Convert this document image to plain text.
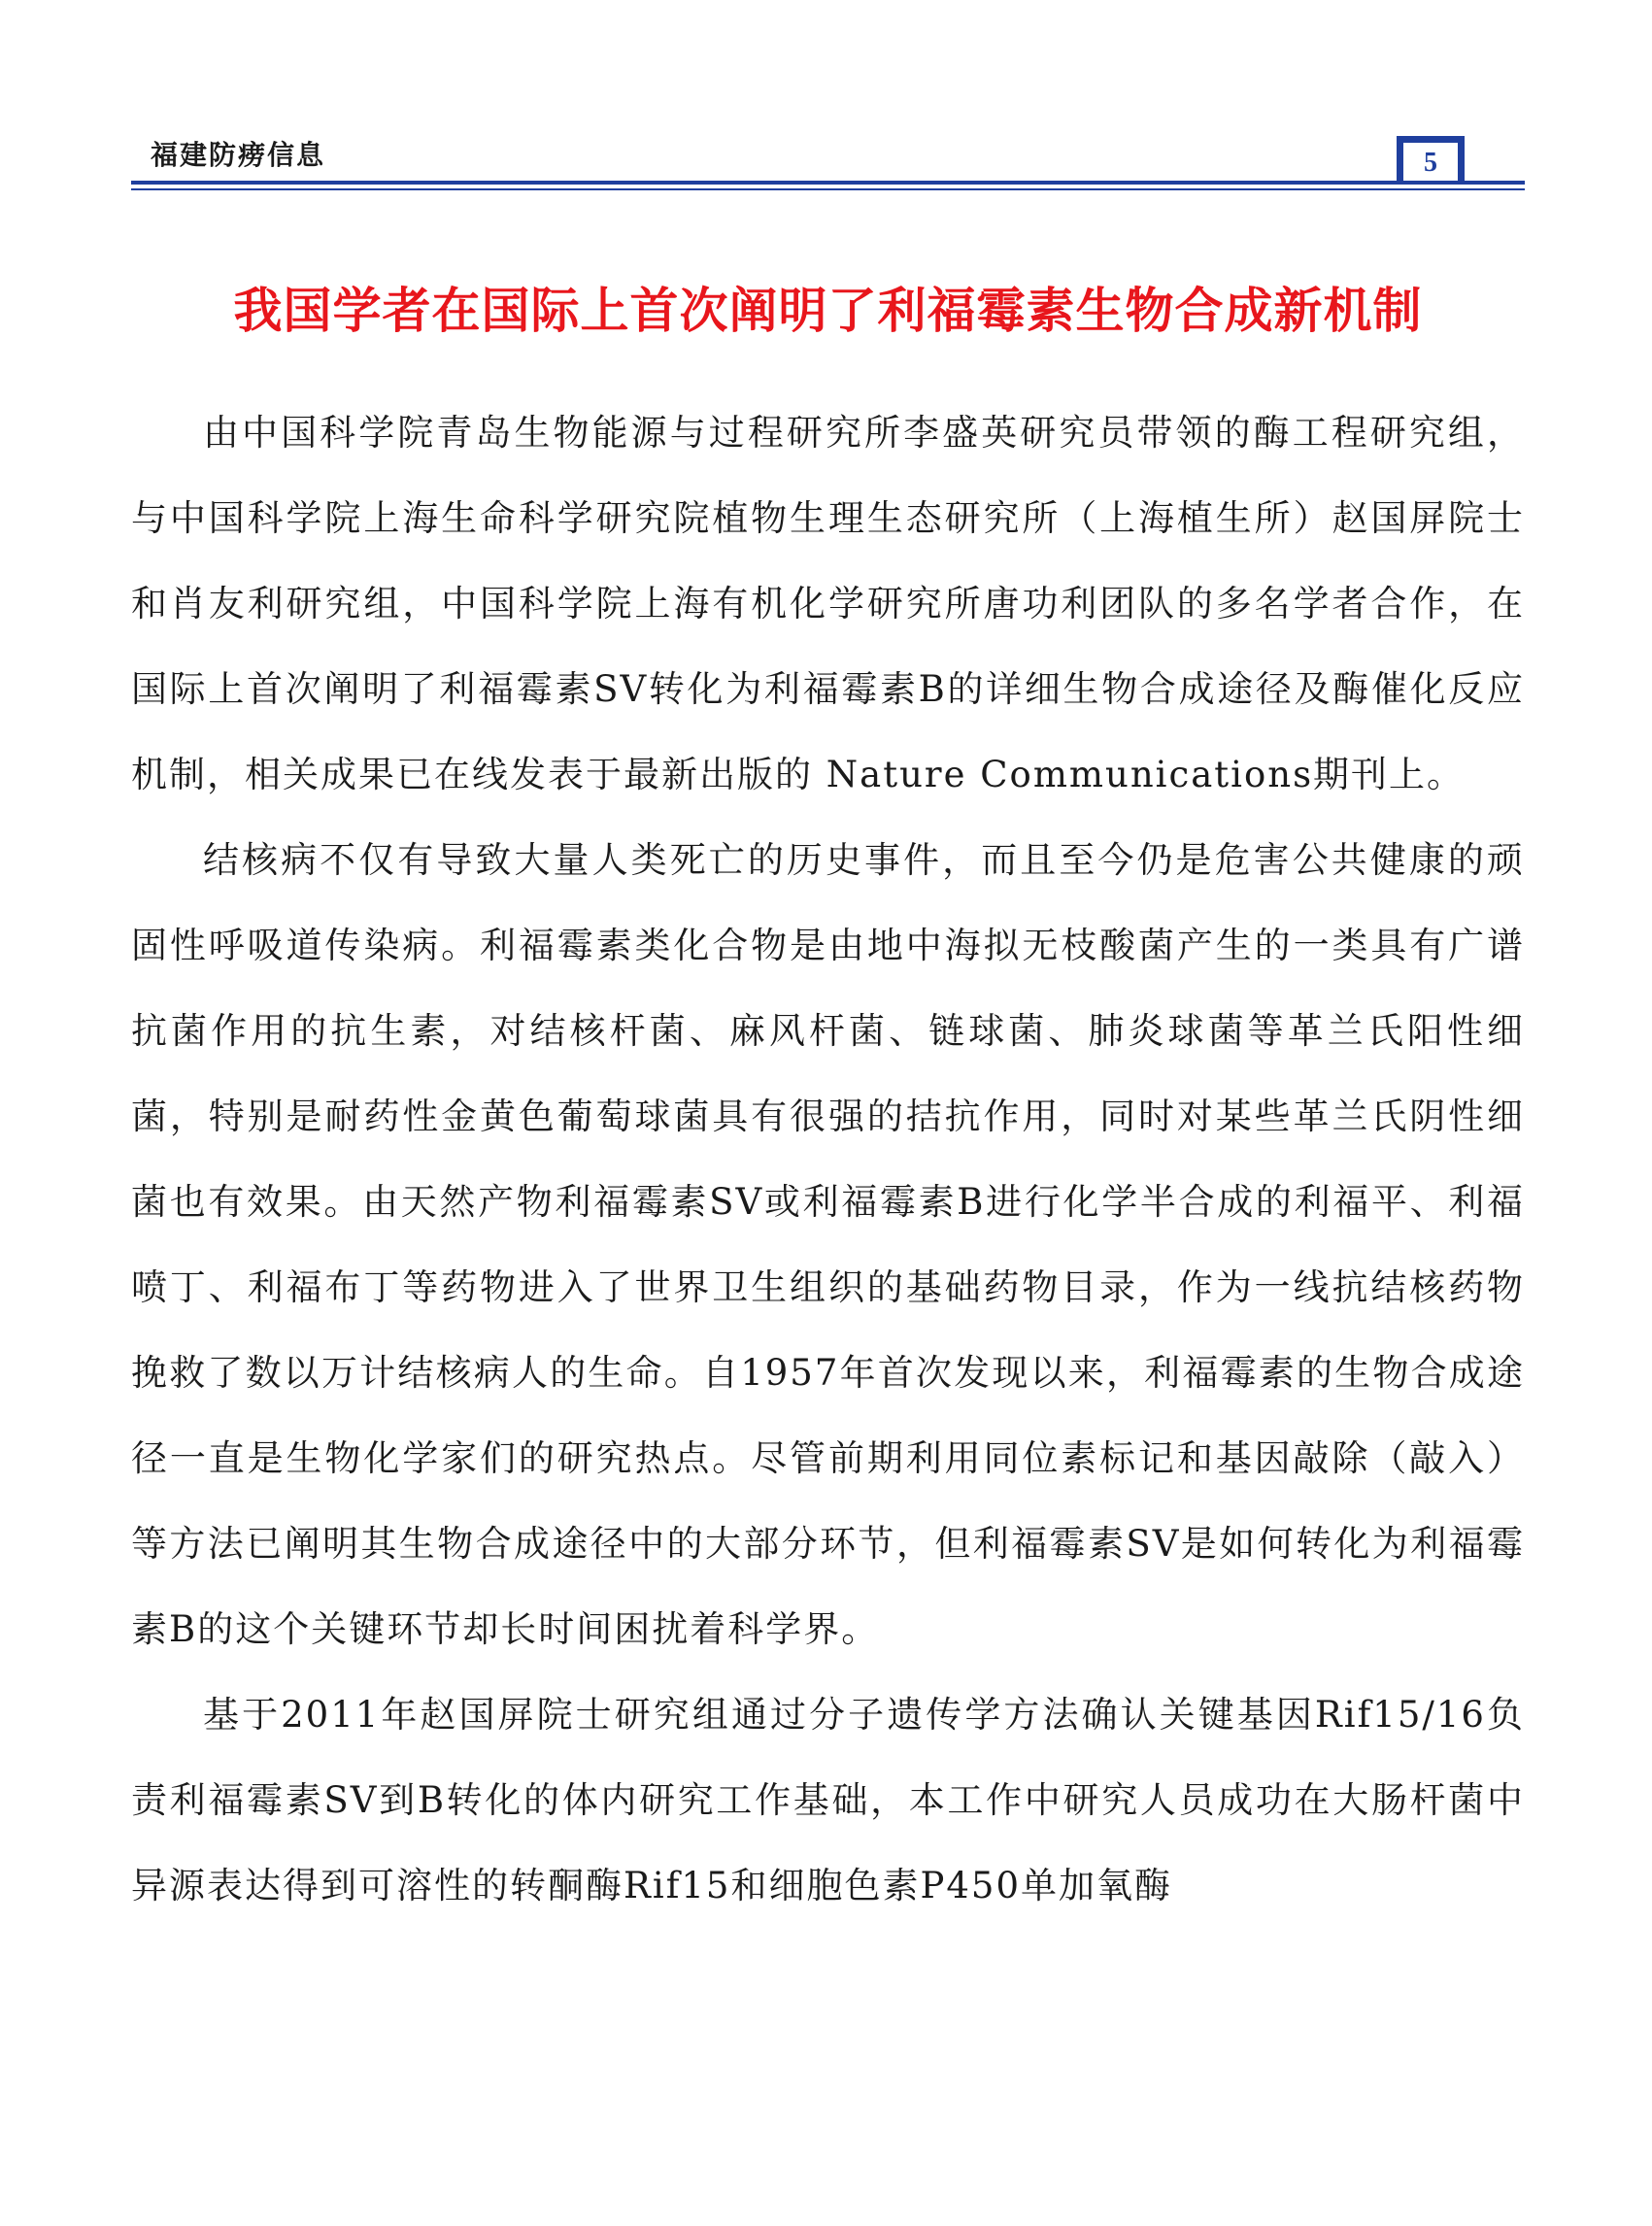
福建防痨信息	5
我国学者在国际上首次阐明了利福霉素生物合成新机制

由中国科学院青岛生物能源与过程研究所李盛英研究员带领的酶工程研究组，与中国科学院上海生命科学研究院植物生理生态研究所（上海植生所）赵国屏院士和肖友利研究组，中国科学院上海有机化学研究所唐功利团队的多名学者合作，在国际上首次阐明了利福霉素SV转化为利福霉素B的详细生物合成途径及酶催化反应机制，相关成果已在线发表于最新出版的 Nature Communications期刊上。

结核病不仅有导致大量人类死亡的历史事件，而且至今仍是危害公共健康的顽固性呼吸道传染病。利福霉素类化合物是由地中海拟无枝酸菌产生的一类具有广谱抗菌作用的抗生素，对结核杆菌、麻风杆菌、链球菌、肺炎球菌等革兰氏阳性细菌，特别是耐药性金黄色葡萄球菌具有很强的拮抗作用，同时对某些革兰氏阴性细菌也有效果。由天然产物利福霉素SV或利福霉素B进行化学半合成的利福平、利福喷丁、利福布丁等药物进入了世界卫生组织的基础药物目录，作为一线抗结核药物挽救了数以万计结核病人的生命。自1957年首次发现以来，利福霉素的生物合成途径一直是生物化学家们的研究热点。尽管前期利用同位素标记和基因敲除（敲入）等方法已阐明其生物合成途径中的大部分环节，但利福霉素SV是如何转化为利福霉素B的这个关键环节却长时间困扰着科学界。

基于2011年赵国屏院士研究组通过分子遗传学方法确认关键基因Rif15/16负责利福霉素SV到B转化的体内研究工作基础，本工作中研究人员成功在大肠杆菌中异源表达得到可溶性的转酮酶Rif15和细胞色素P450单加氧酶
